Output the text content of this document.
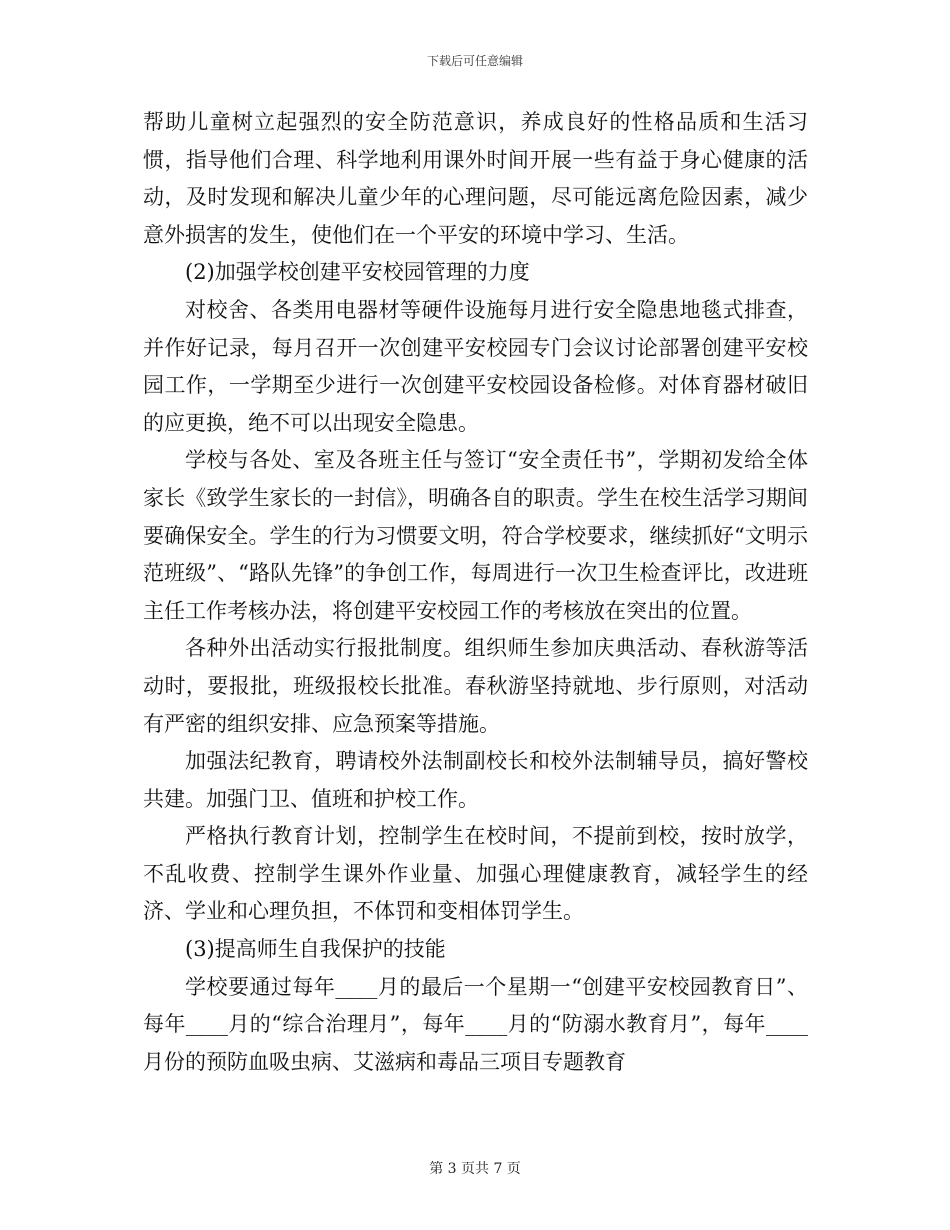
下载后可任意编辑

帮助儿童树立起强烈的安全防范意识，养成良好的性格品质和生活习惯，指导他们合理、科学地利用课外时间开展一些有益于身心健康的活动，及时发现和解决儿童少年的心理问题，尽可能远离危险因素，减少意外损害的发生，使他们在一个平安的环境中学习、生活。

(2)加强学校创建平安校园管理的力度

对校舍、各类用电器材等硬件设施每月进行安全隐患地毯式排查，并作好记录，每月召开一次创建平安校园专门会议讨论部署创建平安校园工作，一学期至少进行一次创建平安校园设备检修。对体育器材破旧的应更换，绝不可以出现安全隐患。

学校与各处、室及各班主任与签订“安全责任书”，学期初发给全体家长《致学生家长的一封信》，明确各自的职责。学生在校生活学习期间要确保安全。学生的行为习惯要文明，符合学校要求，继续抓好“文明示范班级”、“路队先锋”的争创工作，每周进行一次卫生检查评比，改进班主任工作考核办法，将创建平安校园工作的考核放在突出的位置。

各种外出活动实行报批制度。组织师生参加庆典活动、春秋游等活动时，要报批，班级报校长批准。春秋游坚持就地、步行原则，对活动有严密的组织安排、应急预案等措施。

加强法纪教育，聘请校外法制副校长和校外法制辅导员，搞好警校共建。加强门卫、值班和护校工作。

严格执行教育计划，控制学生在校时间，不提前到校，按时放学，不乱收费、控制学生课外作业量、加强心理健康教育，减轻学生的经济、学业和心理负担，不体罚和变相体罚学生。

(3)提高师生自我保护的技能

学校要通过每年____月的最后一个星期一“创建平安校园教育日”、每年____月的“综合治理月”，每年____月的“防溺水教育月”，每年____月份的预防血吸虫病、艾滋病和毒品三项目专题教育

第 3 页共 7 页
